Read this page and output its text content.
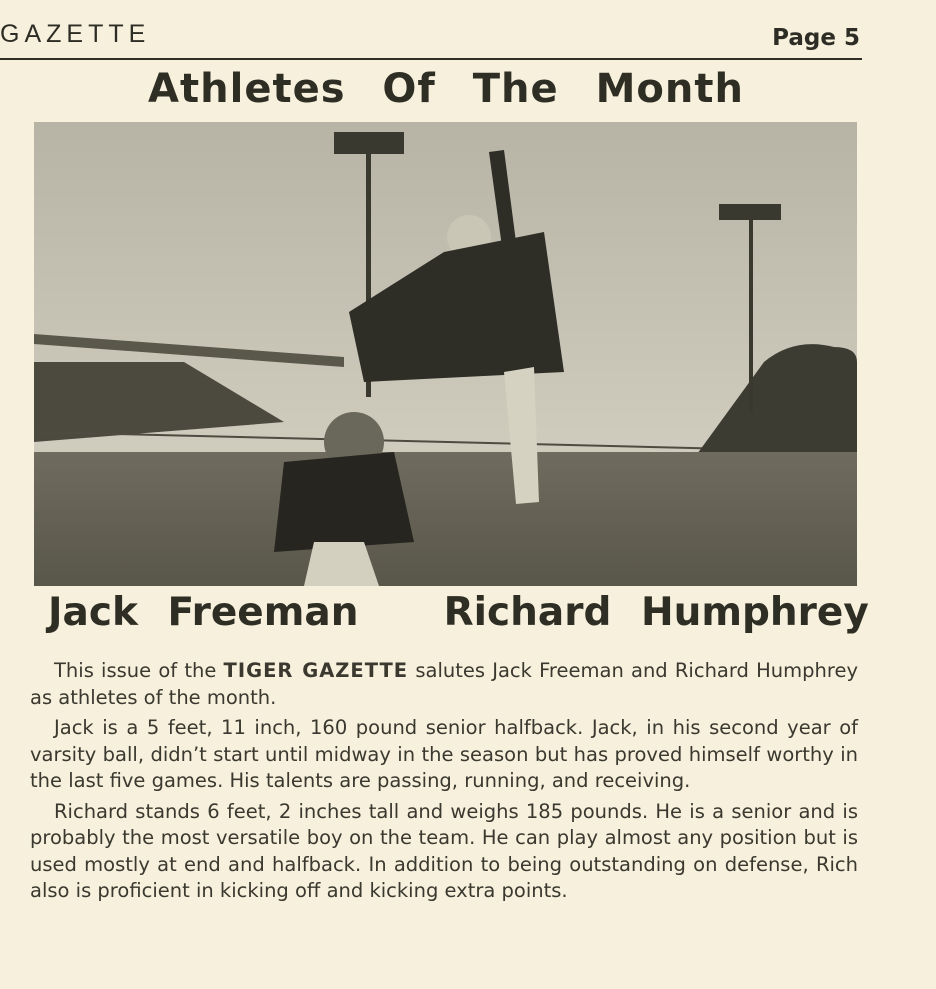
GAZETTE	Page 5
Athletes Of The Month
Jack Freeman Richard Humphrey

This issue of the TIGER GAZETTE salutes Jack Freeman and Richard Humphrey as athletes of the month.

Jack is a 5 feet, 11 inch, 160 pound senior halfback. Jack, in his second year of varsity ball, didn’t start until midway in the season but has proved himself worthy in the last five games. His talents are passing, running, and receiving.

Richard stands 6 feet, 2 inches tall and weighs 185 pounds. He is a senior and is probably the most versatile boy on the team. He can play almost any position but is used mostly at end and halfback. In addition to being outstanding on defense, Rich also is proficient in kicking off and kicking extra points.
